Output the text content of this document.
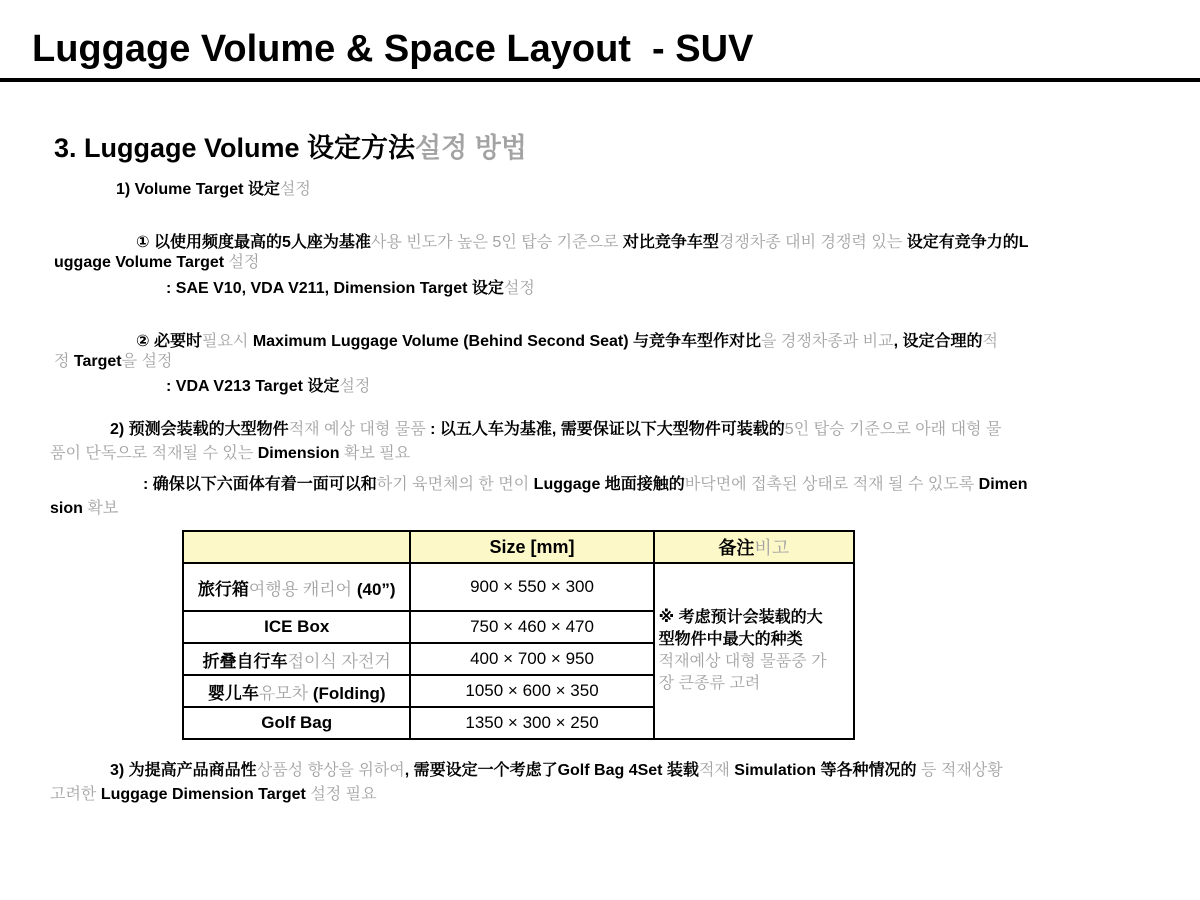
Luggage Volume & Space Layout  - SUV
3. Luggage Volume 设定方法설정 방법
1) Volume Target 设定설정
① 以使用频度最高的5人座为基准사용 빈도가 높은 5인 탑승 기준으로 对比竞争车型경쟁차종 대비 경쟁력 있는 设定有竞争力的L
uggage Volume Target 설정
: SAE V10, VDA V211, Dimension Target 设定설정
② 必要时필요시 Maximum Luggage Volume (Behind Second Seat) 与竞争车型作对比을 경쟁차종과 비교, 设定合理的적
정 Target을 설정
: VDA V213 Target 设定설정
2) 预测会装载的大型物件적재 예상 대형 물품 : 以五人车为基准, 需要保证以下大型物件可装载的5인 탑승 기준으로 아래 대형 물
품이 단독으로 적재될 수 있는 Dimension 확보 필요
: 确保以下六面体有着一面可以和하기 육면체의 한 면이 Luggage 地面接触的바닥면에 접촉된 상태로 적재 될 수 있도록 Dimen
sion 확보
	Size [mm]	备注비고
旅行箱여행용 캐리어 (40”)	900 × 550 × 300	※ 考虑预计会装载的大
型物件中最大的种类
적재예상 대형 물품중 가
장 큰종류 고려

ICE Box	750 × 460 × 470	
折叠自行车접이식 자전거	400 × 700 × 950	
婴儿车유모차 (Folding)	1050 × 600 × 350	
Golf Bag	1350 × 300 × 250	
3) 为提高产品商品性상품성 향상을 위하여, 需要设定一个考虑了Golf Bag 4Set 装载적재 Simulation 等各种情况的 등 적재상황
고려한 Luggage Dimension Target 설정 필요
